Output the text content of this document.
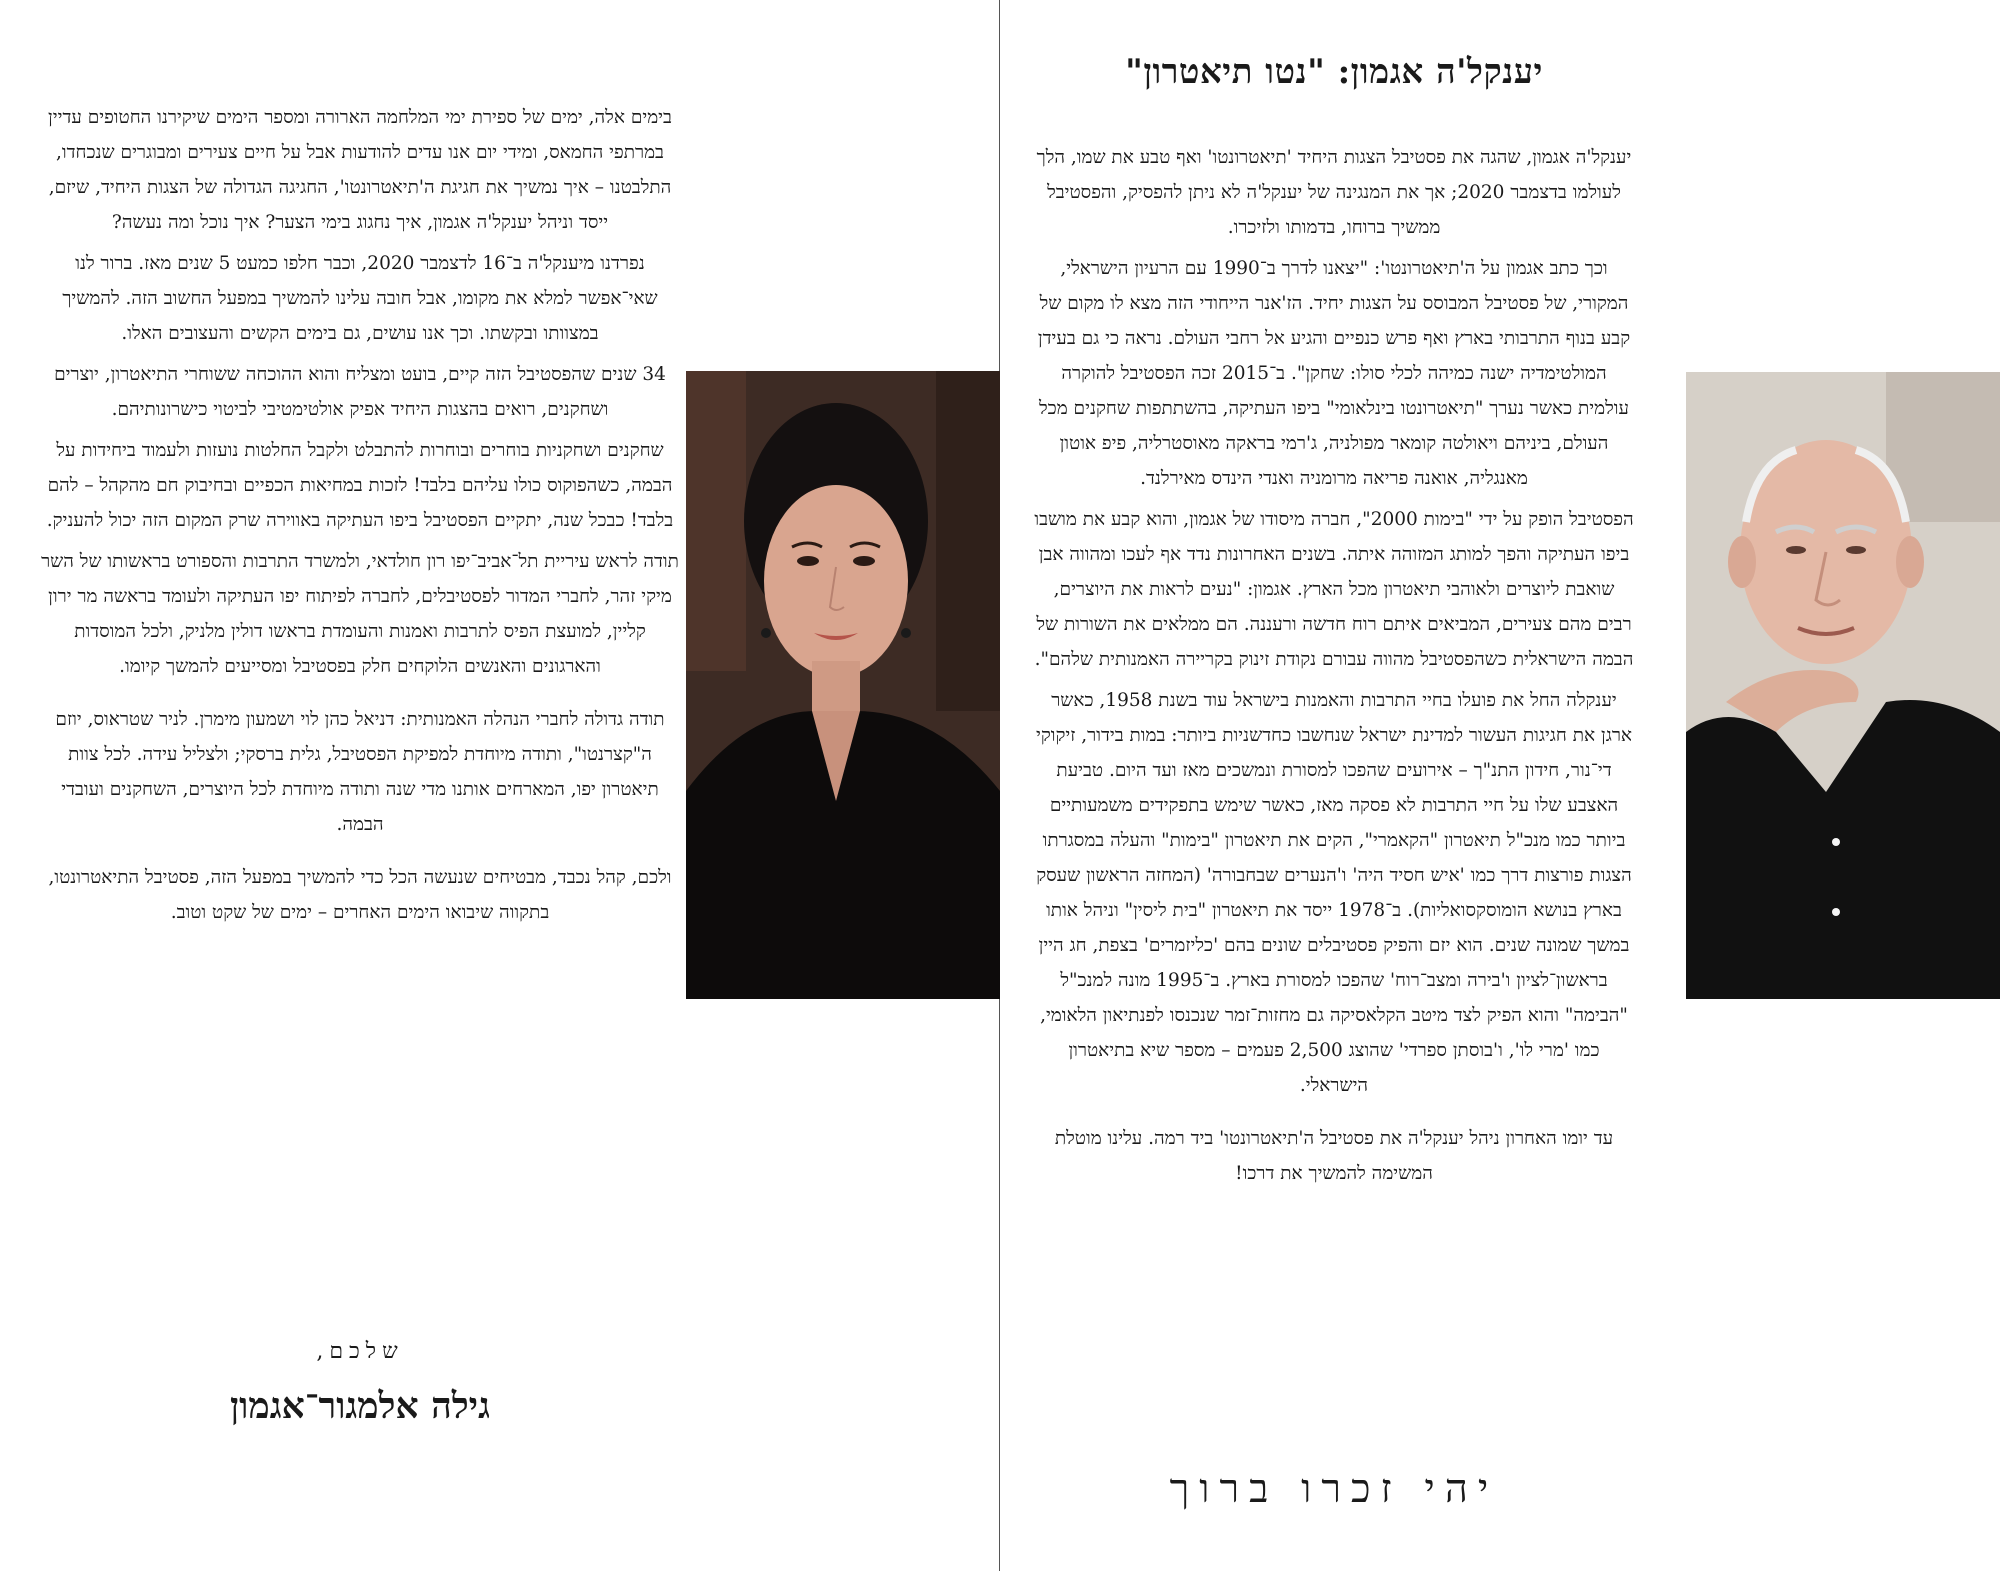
בימים אלה, ימים של ספירת ימי המלחמה הארורה ומספר הימים שיקירנו החטופים עדיין במרתפי החמאס, ומידי יום אנו עדים להודעות אבל על חיים צעירים ומבוגרים שנכחדו, התלבטנו – איך נמשיך את חגיגת ה'תיאטרונטו', החגיגה הגדולה של הצגות היחיד, שיזם, ייסד וניהל יענקל'ה אגמון, איך נחגוג בימי הצער? איך נוכל ומה נעשה?

נפרדנו מיענקל'ה ב־16 לדצמבר 2020, וכבר חלפו כמעט 5 שנים מאז. ברור לנו שאי־אפשר למלא את מקומו, אבל חובה עלינו להמשיך במפעל החשוב הזה. להמשיך במצוותו ובקשתו. וכך אנו עושים, גם בימים הקשים והעצובים האלו.

34 שנים שהפסטיבל הזה קיים, בועט ומצליח והוא ההוכחה ששוחרי התיאטרון, יוצרים ושחקנים, רואים בהצגות היחיד אפיק אולטימטיבי לביטוי כישרונותיהם.

שחקנים ושחקניות בוחרים ובוחרות להתבלט ולקבל החלטות נועזות ולעמוד ביחידות על הבמה, כשהפוקוס כולו עליהם בלבד! לזכות במחיאות הכפיים ובחיבוק חם מהקהל – להם בלבד! כבכל שנה, יתקיים הפסטיבל ביפו העתיקה באווירה שרק המקום הזה יכול להעניק.

תודה לראש עיריית תל־אביב־יפו רון חולדאי, ולמשרד התרבות והספורט בראשותו של השר מיקי זהר, לחברי המדור לפסטיבלים, לחברה לפיתוח יפו העתיקה ולעומד בראשה מר ירון קליין, למועצת הפיס לתרבות ואמנות והעומדת בראשו דולין מלניק, ולכל המוסדות והארגונים והאנשים הלוקחים חלק בפסטיבל ומסייעים להמשך קיומו.

תודה גדולה לחברי הנהלה האמנותית: דניאל כהן לוי ושמעון מימרן. לניר שטראוס, יוזם ה"קצרנטו", ותודה מיוחדת למפיקת הפסטיבל, גלית ברסקי; ולצליל עידה. לכל צוות תיאטרון יפו, המארחים אותנו מדי שנה ותודה מיוחדת לכל היוצרים, השחקנים ועובדי הבמה.

ולכם, קהל נכבד, מבטיחים שנעשה הכל כדי להמשיך במפעל הזה, פסטיבל התיאטרונטו, בתקווה שיבואו הימים האחרים – ימים של שקט וטוב.

שלכם,
גילה אלמגור־אגמון
יענקל'ה אגמון: "נטו תיאטרון"

יענקל'ה אגמון, שהגה את פסטיבל הצגות היחיד 'תיאטרונטו' ואף טבע את שמו, הלך לעולמו בדצמבר 2020; אך את המנגינה של יענקל'ה לא ניתן להפסיק, והפסטיבל ממשיך ברוחו, בדמותו ולזיכרו.

וכך כתב אגמון על ה'תיאטרונטו': "יצאנו לדרך ב־1990 עם הרעיון הישראלי, המקורי, של פסטיבל המבוסס על הצגות יחיד. הז'אנר הייחודי הזה מצא לו מקום של קבע בנוף התרבותי בארץ ואף פרש כנפיים והגיע אל רחבי העולם. נראה כי גם בעידן המולטימדיה ישנה כמיהה לכלי סולו: שחקן". ב־2015 זכה הפסטיבל להוקרה עולמית כאשר נערך "תיאטרונטו בינלאומי" ביפו העתיקה, בהשתתפות שחקנים מכל העולם, ביניהם ויאולטה קומאר מפולניה, ג'רמי בראקה מאוסטרליה, פיפ אוטון מאנגליה, אואנה פריאה מרומניה ואנדי הינדס מאירלנד.

הפסטיבל הופק על ידי "בימות 2000", חברה מיסודו של אגמון, והוא קבע את מושבו ביפו העתיקה והפך למותג המזוהה איתה. בשנים האחרונות נדד אף לעכו ומהווה אבן שואבת ליוצרים ולאוהבי תיאטרון מכל הארץ. אגמון: "נעים לראות את היוצרים, רבים מהם צעירים, המביאים איתם רוח חדשה ורעננה. הם ממלאים את השורות של הבמה הישראלית כשהפסטיבל מהווה עבורם נקודת זינוק בקריירה האמנותית שלהם".

יענקלה החל את פועלו בחיי התרבות והאמנות בישראל עוד בשנת 1958, כאשר ארגן את חגיגות העשור למדינת ישראל שנחשבו כחדשניות ביותר: במות בידור, זיקוקי די־נור, חידון התנ"ך – אירועים שהפכו למסורת ונמשכים מאז ועד היום. טביעת האצבע שלו על חיי התרבות לא פסקה מאז, כאשר שימש בתפקידים משמעותיים ביותר כמו מנכ"ל תיאטרון "הקאמרי", הקים את תיאטרון "בימות" והעלה במסגרתו הצגות פורצות דרך כמו 'איש חסיד היה' ו'הנערים שבחבורה' (המחזה הראשון שעסק בארץ בנושא הומוסקסואליות). ב־1978 ייסד את תיאטרון "בית ליסין" וניהל אותו במשך שמונה שנים. הוא יזם והפיק פסטיבלים שונים בהם 'כליזמרים' בצפת, חג היין בראשון־לציון ו'בירה ומצב־רוח' שהפכו למסורת בארץ. ב־1995 מונה למנכ"ל "הבימה" והוא הפיק לצד מיטב הקלאסיקה גם מחזות־זמר שנכנסו לפנתיאון הלאומי, כמו 'מרי לו', ו'בוסתן ספרדי' שהוצג 2,500 פעמים – מספר שיא בתיאטרון הישראלי.

עד יומו האחרון ניהל יענקל'ה את פסטיבל ה'תיאטרונטו' ביד רמה. עלינו מוטלת המשימה להמשיך את דרכו!

יהי זכרו ברוך
